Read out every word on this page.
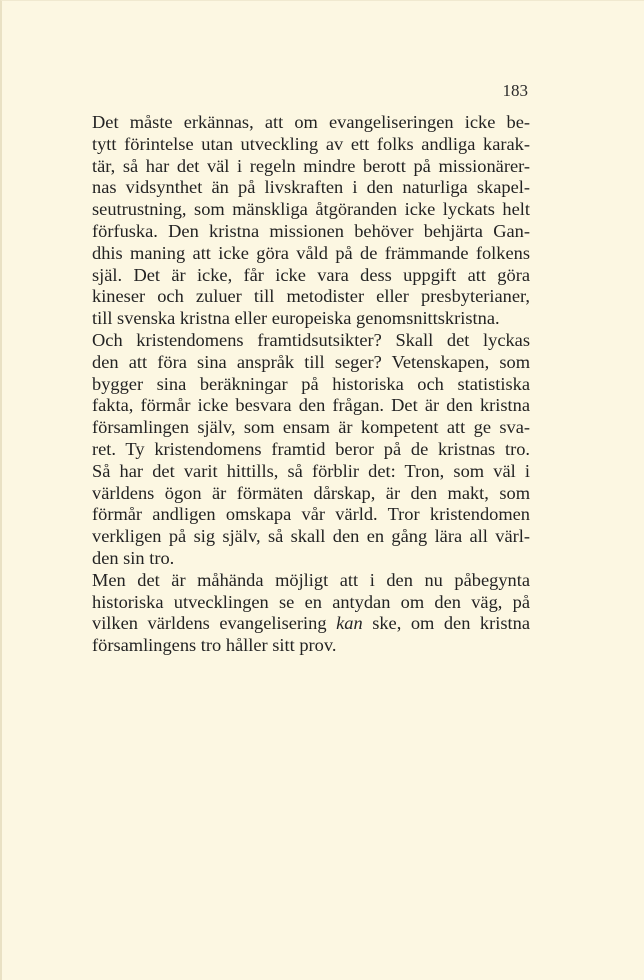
183
Det måste erkännas, att om evangeliseringen icke be-
tytt förintelse utan utveckling av ett folks andliga karak-
tär, så har det väl i regeln mindre berott på missionärer-
nas vidsynthet än på livskraften i den naturliga skapel-
seutrustning, som mänskliga åtgöranden icke lyckats helt
förfuska. Den kristna missionen behöver behjärta Gan-
dhis maning att icke göra våld på de främmande folkens
själ. Det är icke, får icke vara dess uppgift att göra
kineser och zuluer till metodister eller presbyterianer,
till svenska kristna eller europeiska genomsnittskristna.
Och kristendomens framtidsutsikter? Skall det lyckas
den att föra sina anspråk till seger? Vetenskapen, som
bygger sina beräkningar på historiska och statistiska
fakta, förmår icke besvara den frågan. Det är den kristna
församlingen själv, som ensam är kompetent att ge sva-
ret. Ty kristendomens framtid beror på de kristnas tro.
Så har det varit hittills, så förblir det: Tron, som väl i
världens ögon är förmäten dårskap, är den makt, som
förmår andligen omskapa vår värld. Tror kristendomen
verkligen på sig själv, så skall den en gång lära all värl-
den sin tro.
Men det är måhända möjligt att i den nu påbegynta
historiska utvecklingen se en antydan om den väg, på
vilken världens evangelisering kan ske, om den kristna
församlingens tro håller sitt prov.
